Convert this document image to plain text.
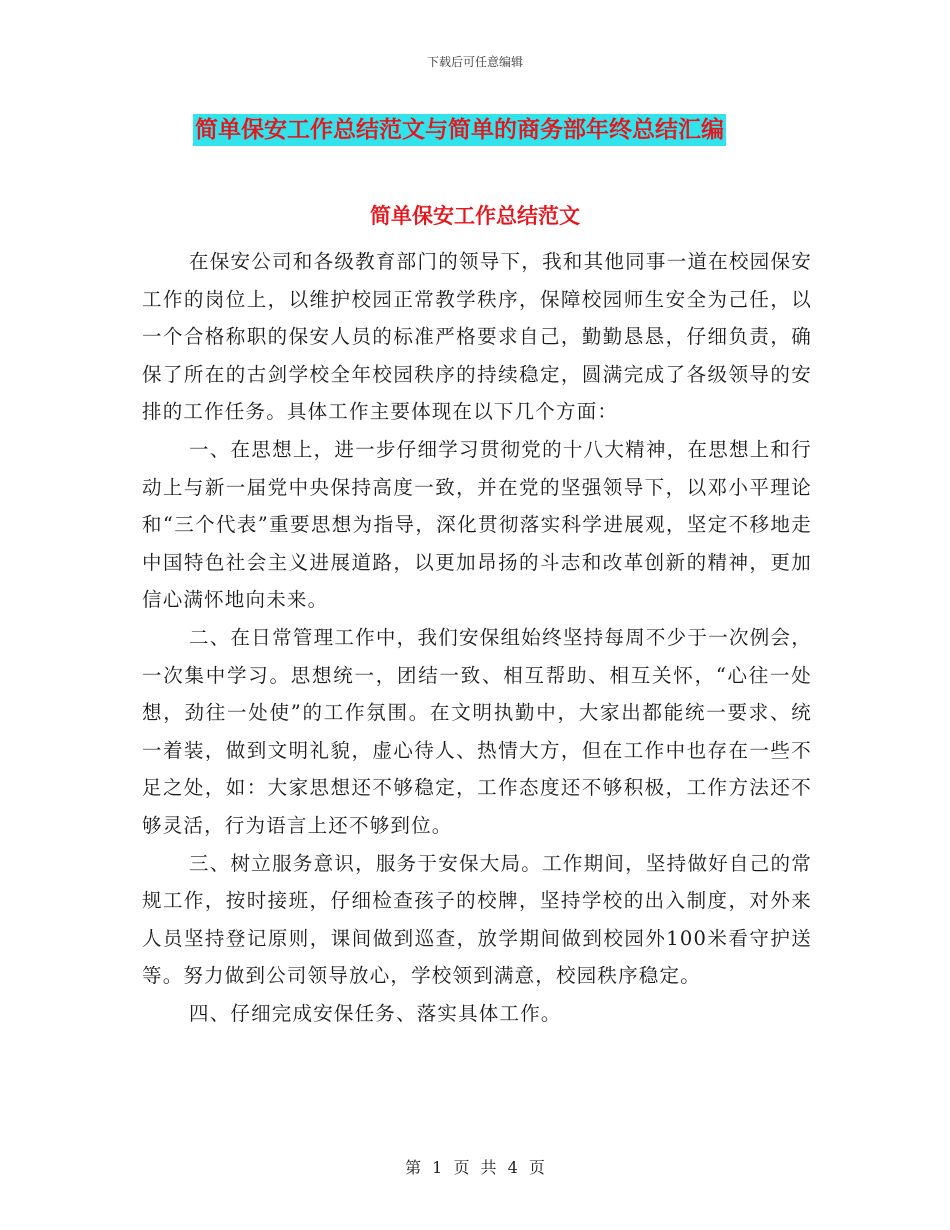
下载后可任意编辑
简单保安工作总结范文与简单的商务部年终总结汇编
简单保安工作总结范文

在保安公司和各级教育部门的领导下，我和其他同事一道在校园保安工作的岗位上，以维护校园正常教学秩序，保障校园师生安全为己任，以一个合格称职的保安人员的标准严格要求自己，勤勤恳恳，仔细负责，确保了所在的古剑学校全年校园秩序的持续稳定，圆满完成了各级领导的安排的工作任务。具体工作主要体现在以下几个方面：

一、在思想上，进一步仔细学习贯彻党的十八大精神，在思想上和行动上与新一届党中央保持高度一致，并在党的坚强领导下，以邓小平理论和“三个代表”重要思想为指导，深化贯彻落实科学进展观，坚定不移地走中国特色社会主义进展道路，以更加昂扬的斗志和改革创新的精神，更加信心满怀地向未来。

二、在日常管理工作中，我们安保组始终坚持每周不少于一次例会，一次集中学习。思想统一，团结一致、相互帮助、相互关怀，“心往一处想，劲往一处使”的工作氛围。在文明执勤中，大家出都能统一要求、统一着装，做到文明礼貌，虚心待人、热情大方，但在工作中也存在一些不足之处，如：大家思想还不够稳定，工作态度还不够积极，工作方法还不够灵活，行为语言上还不够到位。

三、树立服务意识，服务于安保大局。工作期间，坚持做好自己的常规工作，按时接班，仔细检查孩子的校牌，坚持学校的出入制度，对外来人员坚持登记原则，课间做到巡查，放学期间做到校园外100米看守护送等。努力做到公司领导放心，学校领到满意，校园秩序稳定。

四、仔细完成安保任务、落实具体工作。

第 1 页 共 4 页
